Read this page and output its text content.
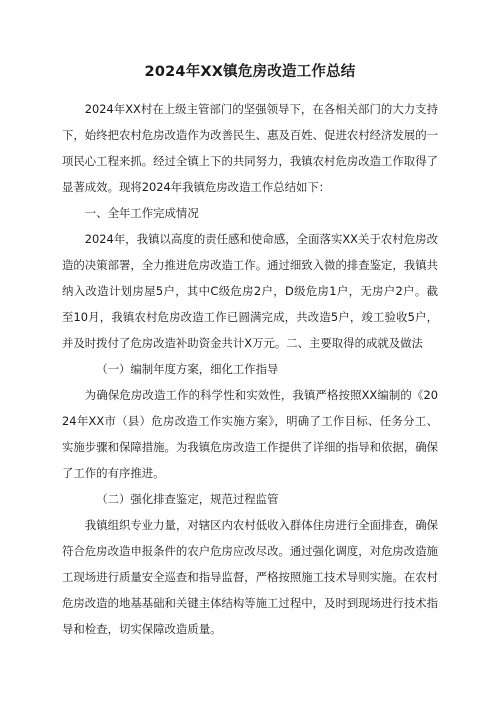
2024年XX镇危房改造工作总结

2024年XX村在上级主管部门的坚强领导下，在各相关部门的大力支持下，始终把农村危房改造作为改善民生、惠及百姓、促进农村经济发展的一项民心工程来抓。经过全镇上下的共同努力，我镇农村危房改造工作取得了显著成效。现将2024年我镇危房改造工作总结如下：

一、全年工作完成情况

2024年，我镇以高度的责任感和使命感，全面落实XX关于农村危房改造的决策部署，全力推进危房改造工作。通过细致入微的排查鉴定，我镇共纳入改造计划房屋5户，其中C级危房2户，D级危房1户，无房户2户。截至10月，我镇农村危房改造工作已圆满完成，共改造5户，竣工验收5户，并及时拨付了危房改造补助资金共计X万元。二、主要取得的成就及做法

（一）编制年度方案，细化工作指导

为确保危房改造工作的科学性和实效性，我镇严格按照XX编制的《2024年XX市（县）危房改造工作实施方案》，明确了工作目标、任务分工、实施步骤和保障措施。为我镇危房改造工作提供了详细的指导和依据，确保了工作的有序推进。

（二）强化排查鉴定，规范过程监管

我镇组织专业力量，对辖区内农村低收入群体住房进行全面排查，确保符合危房改造申报条件的农户危房应改尽改。通过强化调度，对危房改造施工现场进行质量安全巡查和指导监督，严格按照施工技术导则实施。在农村危房改造的地基基础和关键主体结构等施工过程中，及时到现场进行技术指导和检查，切实保障改造质量。
